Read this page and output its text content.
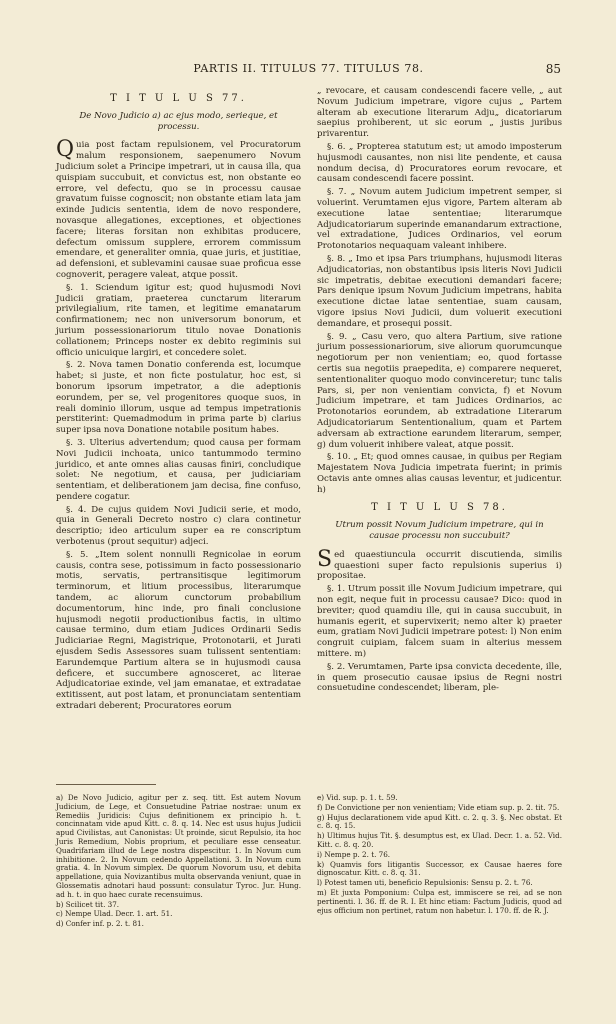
PARTIS II. TITULUS 77. TITULUS 78.	85
T I T U L U S 77.
De Novo Judicio a) ac ejus modo, serieque, et processu.

Quia post factam repulsionem, vel Procuratorum malum responsionem, saepenumero Novum Judicium solet a Principe impetrari, ut in causa illa, qua quispiam succubuit, et convictus est, non obstante eo errore, vel defectu, quo se in processu causae gravatum fuisse cognoscit; non obstante etiam lata jam exinde Judicis sententia, idem de novo respondere, novasque allegationes, exceptiones, et objectiones facere; literas forsitan non exhibitas producere, defectum omissum supplere, errorem commissum emendare, et generaliter omnia, quae juris, et justitiae, ad defensioni, et sublevamini causae suae proficua esse cognoverit, peragere valeat, atque possit.

§. 1. Sciendum igitur est; quod hujusmodi Novi Judicii gratiam, praeterea cunctarum literarum privilegialium, rite tamen, et legitime emanatarum confirmationem; nec non universorum bonorum, et jurium possessionariorum titulo novae Donationis collationem; Princeps noster ex debito regiminis sui officio unicuique largiri, et concedere solet.

§. 2. Nova tamen Donatio conferenda est, locumque habet; si juste, et non ficte postulatur, hoc est, si bonorum ipsorum impetrator, a die adeptionis eorundem, per se, vel progenitores quoque suos, in reali dominio illorum, usque ad tempus impetrationis perstiterint: Quemadmodum in prima parte b) clarius super ipsa nova Donatione notabile positum habes.

§. 3. Ulterius advertendum; quod causa per formam Novi Judicii inchoata, unico tantummodo termino juridico, et ante omnes alias causas finiri, concludique solet: Ne negotium, et causa, per judiciariam sententiam, et deliberationem jam decisa, fine confuso, pendere cogatur.

§. 4. De cujus quidem Novi Judicii serie, et modo, quia in Generali Decreto nostro c) clara continetur descriptio; ideo articulum super ea re conscriptum verbotenus (prout sequitur) adjeci.

§. 5. „Item solent nonnulli Regnicolae in eorum causis, contra sese, potissimum in facto possessionario motis, servatis, pertransitisque legitimorum terminorum, et litium processibus, literarumque tandem, ac aliorum cunctorum probabilium documentorum, hinc inde, pro finali conclusione hujusmodi negotii productionibus factis, in ultimo causae termino, dum etiam Judices Ordinarii Sedis Judiciariae Regni, Magistrique, Protonotarii, et Jurati ejusdem Sedis Assessores suam tulissent sententiam: Earundemque Partium altera se in hujusmodi causa deficere, et succumbere agnosceret, ac literae Adjudicatoriae exinde, vel jam emanatae, et extradatae extitissent, aut post latam, et pronunciatam sententiam extradari deberent; Procuratores eorum

„ revocare, et causam condescendi facere velle, „ aut Novum Judicium impetrare, vigore cujus „ Partem alteram ab executione literarum Adju„ dicatoriarum saepius prohiberent, ut sic eorum „ justis juribus privarentur.

§. 6. „ Propterea statutum est; ut amodo imposterum hujusmodi causantes, non nisi lite pendente, et causa nondum decisa, d) Procuratores eorum revocare, et causam condescendi facere possint.

§. 7. „ Novum autem Judicium impetrent semper, si voluerint. Verumtamen ejus vigore, Partem alteram ab executione latae sententiae; literarumque Adjudicatoriarum superinde emanandarum extractione, vel extradatione, Judices Ordinarios, vel eorum Protonotarios nequaquam valeant inhibere.

§. 8. „ Imo et ipsa Pars triumphans, hujusmodi literas Adjudicatorias, non obstantibus ipsis literis Novi Judicii sic impetratis, debitae executioni demandari facere; Pars denique ipsum Novum Judicium impetrans, habita executione dictae latae sententiae, suam causam, vigore ipsius Novi Judicii, dum voluerit executioni demandare, et prosequi possit.

§. 9. „ Casu vero, quo altera Partium, sive ratione jurium possessionariorum, sive aliorum quorumcunque negotiorum per non venientiam; eo, quod fortasse certis sua negotiis praepedita, e) comparere nequeret, sententionaliter quoquo modo convinceretur; tunc talis Pars, si, per non venientiam convicta, f) et Novum Judicium impetrare, et tam Judices Ordinarios, ac Protonotarios eorundem, ab extradatione Literarum Adjudicatoriarum Sententionalium, quam et Partem adversam ab extractione earundem literarum, semper, g) dum voluerit inhibere valeat, atque possit.

§. 10. „ Et; quod omnes causae, in quibus per Regiam Majestatem Nova Judicia impetrata fuerint; in primis Octavis ante omnes alias causas leventur, et judicentur. h)

T I T U L U S 78.
Utrum possit Novum Judicium impetrare, qui in causae processu non succubuit?

Sed quaestiuncula occurrit discutienda, similis quaestioni super facto repulsionis superius i) propositae.

§. 1. Utrum possit ille Novum Judicium impetrare, qui non egit, neque fuit in processu causae? Dico: quod in breviter; quod quamdiu ille, qui in causa succubuit, in humanis egerit, et supervixerit; nemo alter k) praeter eum, gratiam Novi Judicii impetrare potest: l) Non enim congruit cuipiam, falcem suam in alterius messem mittere. m)

§. 2. Verumtamen, Parte ipsa convicta decedente, ille, in quem prosecutio causae ipsius de Regni nostri consuetudine condescendet; liberam, ple-

a) De Novo Judicio, agitur per z. seq. titt. Est autem Novum Judicium, de Lege, et Consuetudine Patriae nostrae: unum ex Remediis Juridicis: Cujus definitionem ex principio h. t. concinnatam vide apud Kitt. c. 8. q. 14. Nec est usus hujus Judicii apud Civilistas, aut Canonistas: Ut proinde, sicut Repulsio, ita hoc Juris Remedium, Nobis proprium, et peculiare esse censeatur. Quadrifariam illud de Lege nostra dispescitur. 1. In Novum cum inhibitione. 2. In Novum cedendo Appellationi. 3. In Novum cum gratia. 4. In Novum simplex. De quorum Novorum usu, et debita appellatione, quia Novizantibus multa observanda veniunt, quae in Glossematis adnotari haud possunt: consulatur Tyroc. Jur. Hung. ad h. t. in quo haec curate recensuimus.
b) Scilicet tit. 37.
c) Nempe Ulad. Decr. 1. art. 51.
d) Confer inf. p. 2. t. 81.
e) Vid. sup. p. 1. t. 59.
f) De Convictione per non venientiam; Vide etiam sup. p. 2. tit. 75.
g) Hujus declarationem vide apud Kitt. c. 2. q. 3. §. Nec obstat. Et c. 8. q. 15.
h) Ultimus hujus Tit. §. desumptus est, ex Ulad. Decr. 1. a. 52. Vid. Kitt. c. 8. q. 20.
i) Nempe p. 2. t. 76.
k) Quamvis fors litigantis Successor, ex Causae haeres fore dignoscatur. Kitt. c. 8. q. 31.
l) Potest tamen uti, beneficio Repulsionis: Sensu p. 2. t. 76.
m) Et juxta Pomponium: Culpa est, immiscere se rei, ad se non pertinenti. l. 36. ff. de R. I. Et hinc etiam: Factum Judicis, quod ad ejus officium non pertinet, ratum non habetur. l. 170. ff. de R. J.
